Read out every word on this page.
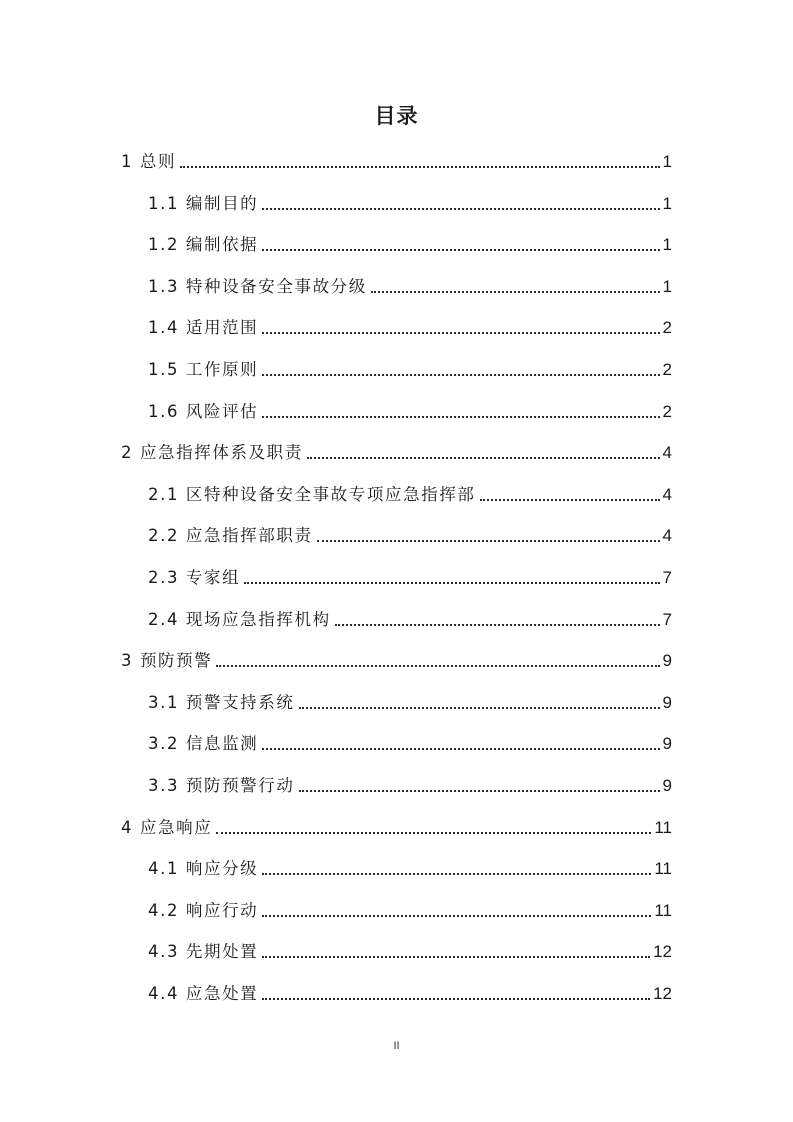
目录
1 总则	1
1.1 编制目的	1
1.2 编制依据	1
1.3 特种设备安全事故分级	1
1.4 适用范围	2
1.5 工作原则	2
1.6 风险评估	2
2 应急指挥体系及职责	4
2.1 区特种设备安全事故专项应急指挥部	4
2.2 应急指挥部职责	4
2.3 专家组	7
2.4 现场应急指挥机构	7
3 预防预警	9
3.1 预警支持系统	9
3.2 信息监测	9
3.3 预防预警行动	9
4 应急响应	11
4.1 响应分级	11
4.2 响应行动	11
4.3 先期处置	12
4.4 应急处置	12
II
